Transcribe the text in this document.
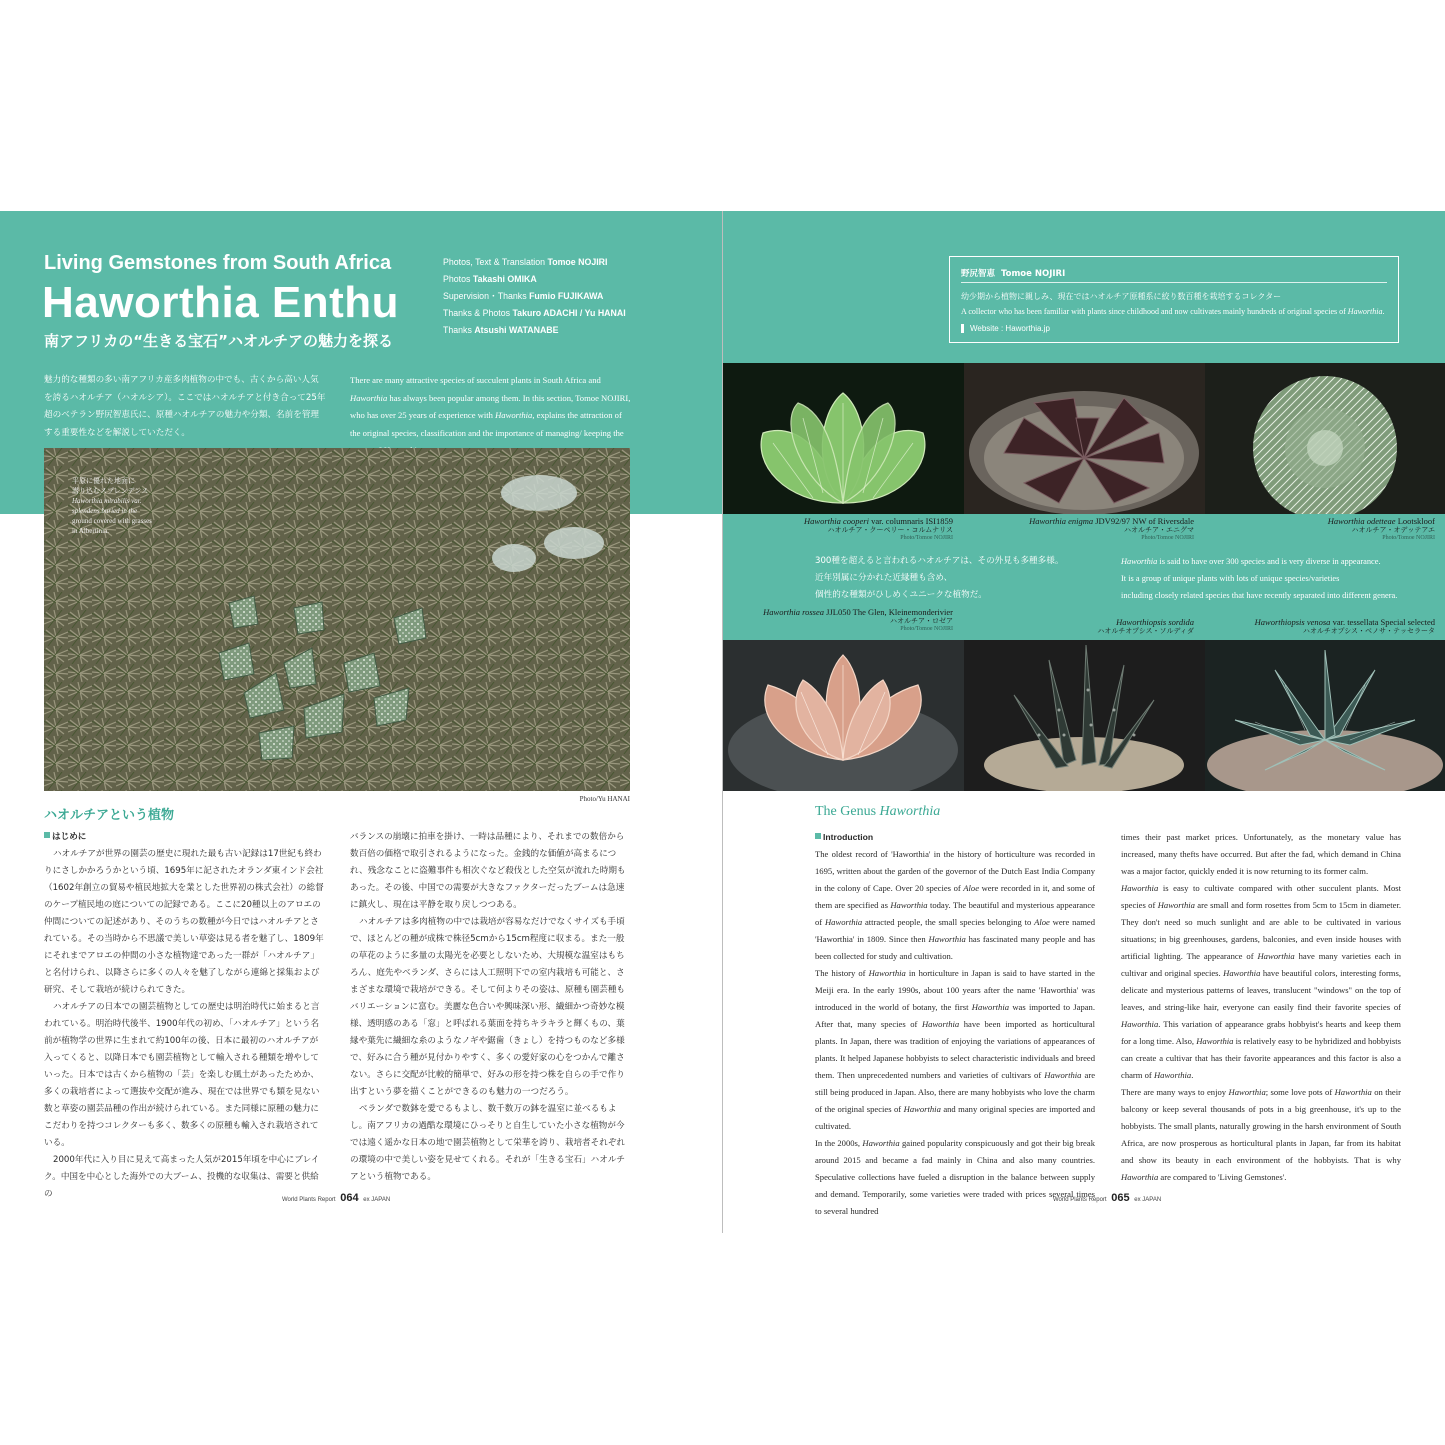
Living Gemstones from South Africa
Haworthia Enthu
南アフリカの“生きる宝石”ハオルチアの魅力を探る
Photos, Text & Translation Tomoe NOJIRI
Photos Takashi OMIKA
Supervision・Thanks Fumio FUJIKAWA
Thanks & Photos Takuro ADACHI / Yu HANAI
Thanks Atsushi WATANABE
魅力的な種類の多い南アフリカ産多肉植物の中でも、古くから高い人気を誇るハオルチア（ハオルシア）。ここではハオルチアと付き合って25年超のベテラン野尻智恵氏に、原種ハオルチアの魅力や分類、名前を管理する重要性などを解説していただく。
There are many attractive species of succulent plants in South Africa and Haworthia has always been popular among them. In this section, Tomoe NOJIRI, who has over 25 years of experience with Haworthia, explains the attraction of the original species, classification and the importance of managing/ keeping the
平原に優れた地面に
潜り込むスプレンデンス
Haworthia mirabilis var.
splendens buried in the
ground covered with grasses
in Albertinia.
Photo/Yu HANAI
ハオルチアという植物

はじめに

ハオルチアが世界の園芸の歴史に現れた最も古い記録は17世紀も終わりにさしかかろうかという頃、1695年に記されたオランダ東インド会社（1602年創立の貿易や植民地拡大を業とした世界初の株式会社）の総督のケープ植民地の庭についての記録である。ここに20種以上のアロエの仲間についての記述があり、そのうちの数種が今日ではハオルチアとされている。その当時から不思議で美しい草姿は見る者を魅了し、1809年にそれまでアロエの仲間の小さな植物達であった一群が「ハオルチア」と名付けられ、以降さらに多くの人々を魅了しながら連綿と採集および研究、そして栽培が続けられてきた。

ハオルチアの日本での園芸植物としての歴史は明治時代に始まると言われている。明治時代後半、1900年代の初め、「ハオルチア」という名前が植物学の世界に生まれて約100年の後、日本に最初のハオルチアが入ってくると、以降日本でも園芸植物として輸入される種類を増やしていった。日本では古くから植物の「芸」を楽しむ風土があったためか、多くの栽培者によって選抜や交配が進み、現在では世界でも類を見ない数と草姿の園芸品種の作出が続けられている。また同様に原種の魅力にこだわりを持つコレクターも多く、数多くの原種も輸入され栽培されている。

2000年代に入り目に見えて高まった人気が2015年頃を中心にブレイク。中国を中心とした海外での大ブーム、投機的な収集は、需要と供給の

バランスの崩壊に拍車を掛け、一時は品種により、それまでの数倍から数百倍の価格で取引されるようになった。金銭的な価値が高まるにつれ、残念なことに盗難事件も相次ぐなど殺伐とした空気が流れた時期もあった。その後、中国での需要が大きなファクターだったブームは急速に鎮火し、現在は平静を取り戻しつつある。

ハオルチアは多肉植物の中では栽培が容易なだけでなくサイズも手頃で、ほとんどの種が成株で株径5cmから15cm程度に収まる。また一般の草花のように多量の太陽光を必要としないため、大規模な温室はもちろん、庭先やベランダ、さらには人工照明下での室内栽培も可能と、さまざまな環境で栽培ができる。そして何よりその姿は、原種も園芸種もバリエーションに富む。美麗な色合いや興味深い形、繊細かつ奇妙な模様、透明感のある「窓」と呼ばれる葉面を持ちキラキラと輝くもの、葉縁や葉先に繊細な糸のようなノギや鋸歯（きょし）を持つものなど多様で、好みに合う種が見付かりやすく、多くの愛好家の心をつかんで離さない。さらに交配が比較的簡単で、好みの形を持つ株を自らの手で作り出すという夢を描くことができるのも魅力の一つだろう。

ベランダで数鉢を愛でるもよし、数千数万の鉢を温室に並べるもよし。南アフリカの過酷な環境にひっそりと自生していた小さな植物が今では遠く遥かな日本の地で園芸植物として栄華を誇り、栽培者それぞれの環境の中で美しい姿を見せてくれる。それが「生きる宝石」ハオルチアという植物である。

World Plants Report 064 ex JAPAN
野尻智恵 Tomoe NOJIRI
幼少期から植物に親しみ、現在ではハオルチア原種系に絞り数百種を栽培するコレクター
A collector who has been familiar with plants since childhood and now cultivates mainly hundreds of original species of Haworthia.
Website : Haworthia.jp
Haworthia cooperi var. columnaris ISI1859
ハオルチア・クーペリー・コルムナリス
Photo/Tomoe NOJIRI
Haworthia enigma JDV92/97 NW of Riversdale
ハオルチア・エニグマ
Photo/Tomoe NOJIRI
Haworthia odetteae Lootskloof
ハオルチア・オデッテアエ
Photo/Tomoe NOJIRI
300種を超えると言われるハオルチアは、その外見も多種多様。
近年別属に分かれた近縁種も含め、
個性的な種類がひしめくユニークな植物だ。
Haworthia is said to have over 300 species and is very diverse in appearance.
It is a group of unique plants with lots of unique species/varieties
including closely related species that have recently separated into different genera.
Haworthia rossea JJL050 The Glen, Kleinemonderivier
ハオルチア・ロゼア
Photo/Tomoe NOJIRI
Haworthiopsis sordida
ハオルチオプシス・ソルディダ
Haworthiopsis venosa var. tessellata Special selected
ハオルチオプシス・ベノサ・テッセラータ
The Genus Haworthia

Introduction

The oldest record of 'Haworthia' in the history of horticulture was recorded in 1695, written about the garden of the governor of the Dutch East India Company in the colony of Cape. Over 20 species of Aloe were recorded in it, and some of them are specified as Haworthia today. The beautiful and mysterious appearance of Haworthia attracted people, the small species belonging to Aloe were named 'Haworthia' in 1809. Since then Haworthia has fascinated many people and has been collected for study and cultivation.
The history of Haworthia in horticulture in Japan is said to have started in the Meiji era. In the early 1990s, about 100 years after the name 'Haworthia' was introduced in the world of botany, the first Haworthia was imported to Japan. After that, many species of Haworthia have been imported as horticultural plants. In Japan, there was tradition of enjoying the variations of appearances of plants. It helped Japanese hobbyists to select characteristic individuals and breed them. Then unprecedented numbers and varieties of cultivars of Haworthia are still being produced in Japan. Also, there are many hobbyists who love the charm of the original species of Haworthia and many original species are imported and cultivated.
In the 2000s, Haworthia gained popularity conspicuously and got their big break around 2015 and became a fad mainly in China and also many countries. Speculative collections have fueled a disruption in the balance between supply and demand. Temporarily, some varieties were traded with prices several times to several hundred

times their past market prices. Unfortunately, as the monetary value has increased, many thefts have occurred. But after the fad, which demand in China was a major factor, quickly ended it is now returning to its former calm.
Haworthia is easy to cultivate compared with other succulent plants. Most species of Haworthia are small and form rosettes from 5cm to 15cm in diameter. They don't need so much sunlight and are able to be cultivated in various situations; in big greenhouses, gardens, balconies, and even inside houses with artificial lighting. The appearance of Haworthia have many varieties each in cultivar and original species. Haworthia have beautiful colors, interesting forms, delicate and mysterious patterns of leaves, translucent "windows" on the top of leaves, and string-like hair, everyone can easily find their favorite species of Haworthia. This variation of appearance grabs hobbyist's hearts and keep them for a long time. Also, Haworthia is relatively easy to be hybridized and hobbyists can create a cultivar that has their favorite appearances and this factor is also a charm of Haworthia.
There are many ways to enjoy Haworthia; some love pots of Haworthia on their balcony or keep several thousands of pots in a big greenhouse, it's up to the hobbyists. The small plants, naturally growing in the harsh environment of South Africa, are now prosperous as horticultural plants in Japan, far from its habitat and show its beauty in each environment of the hobbyists. That is why Haworthia are compared to 'Living Gemstones'.

World Plants Report 065 ex JAPAN
